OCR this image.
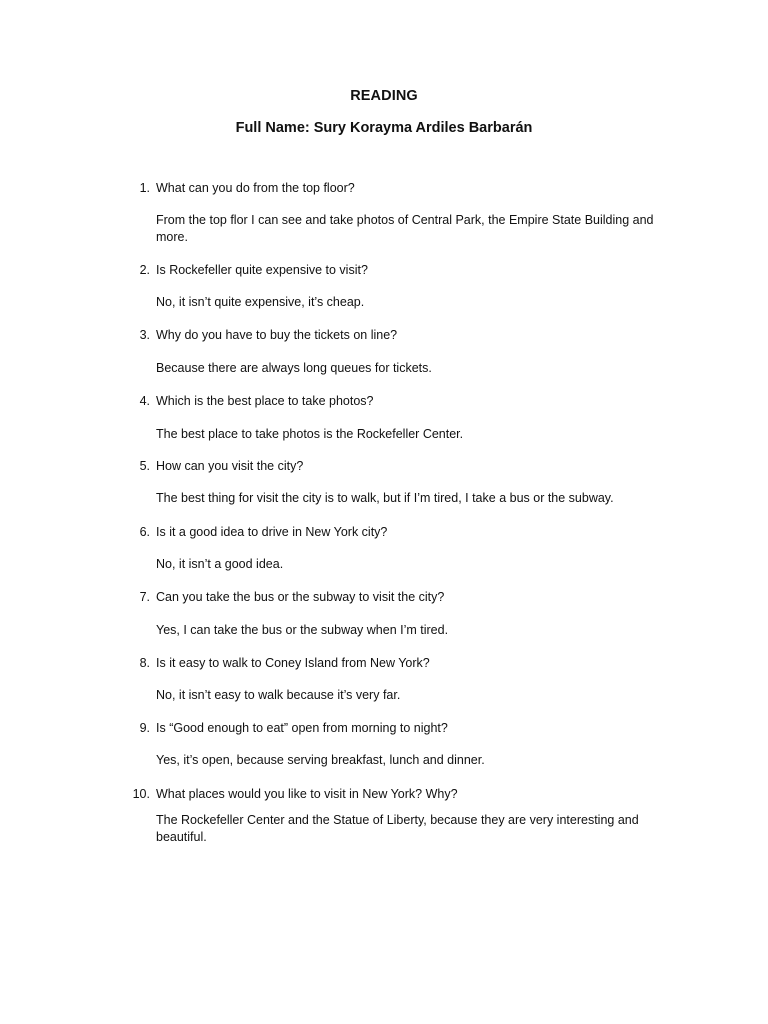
READING
Full Name: Sury Korayma Ardiles Barbarán
1. What can you do from the top floor?
From the top flor I can see and take photos of Central Park, the Empire State Building and more.
2. Is Rockefeller quite expensive to visit?
No, it isn’t quite expensive, it’s cheap.
3. Why do you have to buy the tickets on line?
Because there are always long queues for tickets.
4. Which is the best place to take photos?
The best place to take photos is the Rockefeller Center.
5. How can you visit the city?
The best thing for visit the city is to walk, but if I’m tired, I take a bus or the subway.
6. Is it a good idea to drive in New York city?
No, it isn’t a good idea.
7. Can you take the bus or the subway to visit the city?
Yes, I can take the bus or the subway when I’m tired.
8. Is it easy to walk to Coney Island from New York?
No, it isn’t easy to walk because it’s very far.
9. Is “Good enough to eat” open from morning to night?
Yes, it’s open, because serving breakfast, lunch and dinner.
10. What places would you like to visit in New York? Why?
The Rockefeller Center and the Statue of Liberty, because they are very interesting and beautiful.
